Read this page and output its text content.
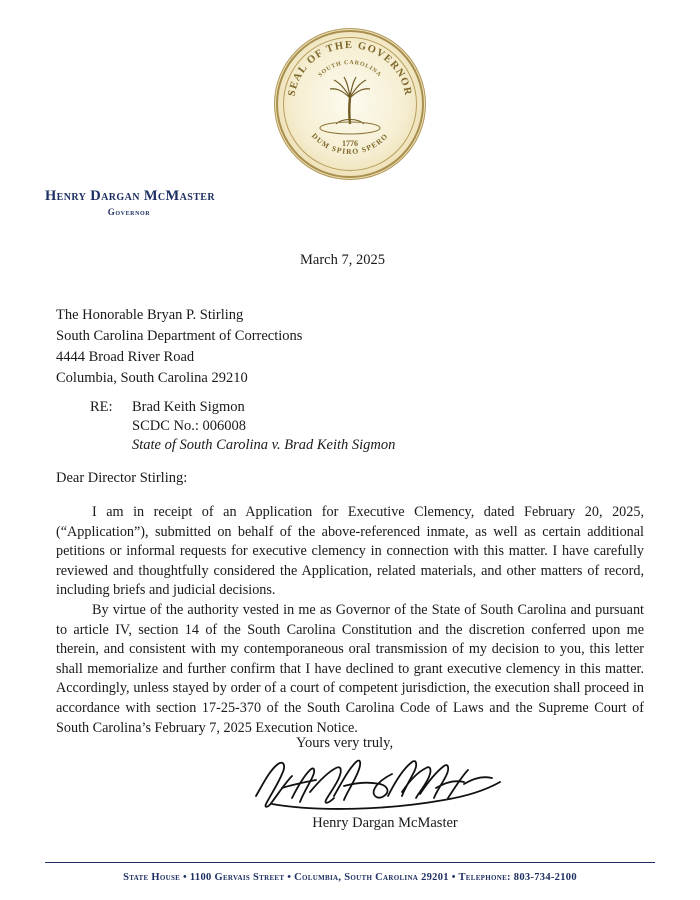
SEAL OF THE GOVERNOR
SOUTH CAROLINA
DUM SPIRO SPERO
1776
Henry Dargan McMaster
Governor
March 7, 2025
The Honorable Bryan P. Stirling
South Carolina Department of Corrections
4444 Broad River Road
Columbia, South Carolina 29210
RE:	Brad Keith Sigmon
SCDC No.: 006008
State of South Carolina v. Brad Keith Sigmon
Dear Director Stirling:
I am in receipt of an Application for Executive Clemency, dated February 20, 2025, (“Application”), submitted on behalf of the above-referenced inmate, as well as certain additional petitions or informal requests for executive clemency in connection with this matter. I have carefully reviewed and thoughtfully considered the Application, related materials, and other matters of record, including briefs and judicial decisions.
By virtue of the authority vested in me as Governor of the State of South Carolina and pursuant to article IV, section 14 of the South Carolina Constitution and the discretion conferred upon me therein, and consistent with my contemporaneous oral transmission of my decision to you, this letter shall memorialize and further confirm that I have declined to grant executive clemency in this matter. Accordingly, unless stayed by order of a court of competent jurisdiction, the execution shall proceed in accordance with section 17-25-370 of the South Carolina Code of Laws and the Supreme Court of South Carolina’s February 7, 2025 Execution Notice.
Yours very truly,
Henry Dargan McMaster
State House • 1100 Gervais Street • Columbia, South Carolina 29201 • Telephone: 803-734-2100
